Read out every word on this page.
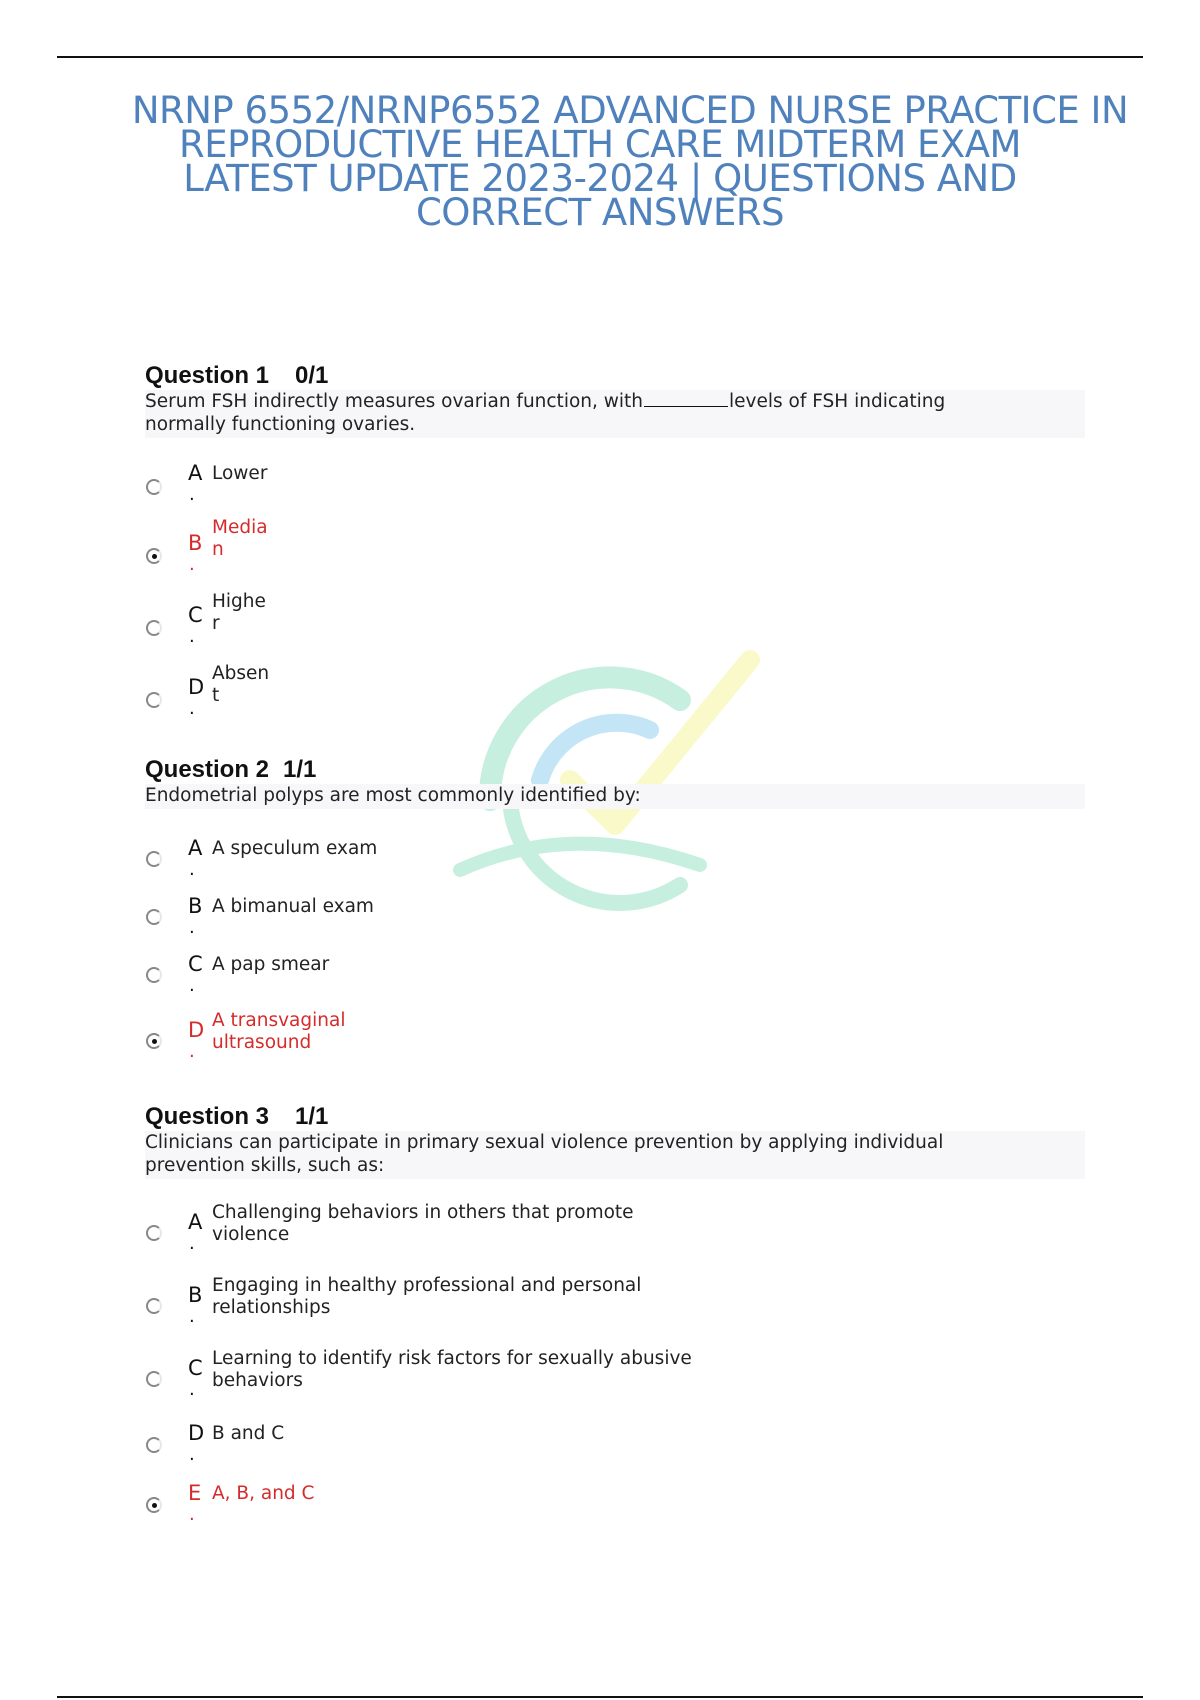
NRNP 6552/NRNP6552 ADVANCED NURSE PRACTICE IN
REPRODUCTIVE HEALTH CARE MIDTERM EXAM
LATEST UPDATE 2023-2024 | QUESTIONS AND
CORRECT ANSWERS
Question 1 0/1
Serum FSH indirectly measures ovarian function, with	levels of FSH indicating
normally functioning ovaries.
A
.
Lower
B
.
Media
n
C
.
Highe
r
D
.
Absen
t
Question 2 1/1
Endometrial polyps are most commonly identified by:
A
.
A speculum exam
B
.
A bimanual exam
C
.
A pap smear
D
.
A transvaginal
ultrasound
Question 3 1/1
Clinicians can participate in primary sexual violence prevention by applying individual
prevention skills, such as:
A
.
Challenging behaviors in others that promote
violence
B
.
Engaging in healthy professional and personal
relationships
C
.
Learning to identify risk factors for sexually abusive
behaviors
D
.
B and C
E
.
A, B, and C
